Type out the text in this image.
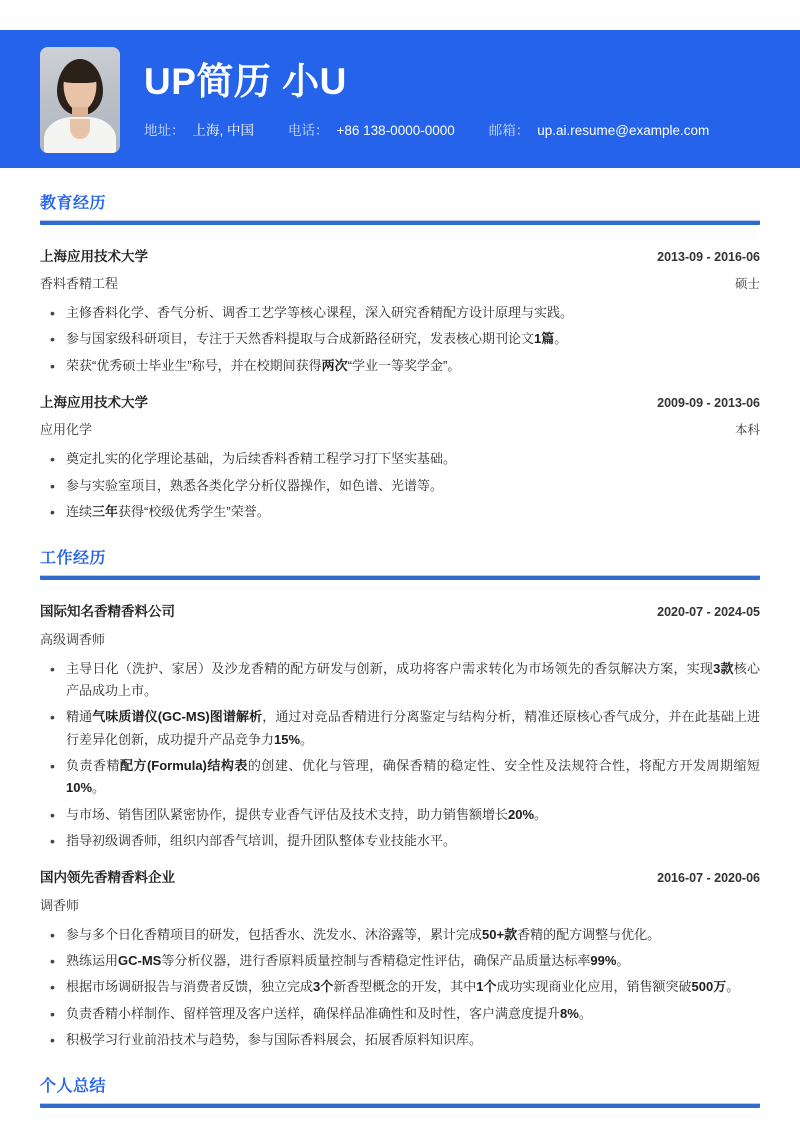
UP简历 小U
地址： 上海, 中国	电话： +86 138-0000-0000	邮箱： up.ai.resume@example.com
教育经历
上海应用技术大学	2013-09 - 2016-06
香料香精工程	硕士
• 主修香料化学、香气分析、调香工艺学等核心课程，深入研究香精配方设计原理与实践。
• 参与国家级科研项目，专注于天然香料提取与合成新路径研究，发表核心期刊论文1篇。
• 荣获“优秀硕士毕业生”称号，并在校期间获得两次“学业一等奖学金”。
上海应用技术大学	2009-09 - 2013-06
应用化学	本科
• 奠定扎实的化学理论基础，为后续香料香精工程学习打下坚实基础。
• 参与实验室项目，熟悉各类化学分析仪器操作，如色谱、光谱等。
• 连续三年获得“校级优秀学生”荣誉。
工作经历
国际知名香精香料公司	2020-07 - 2024-05
高级调香师
• 主导日化（洗护、家居）及沙龙香精的配方研发与创新，成功将客户需求转化为市场领先的香氛解决方案，实现3款核心产品成功上市。
• 精通气味质谱仪(GC-MS)图谱解析，通过对竞品香精进行分离鉴定与结构分析，精准还原核心香气成分，并在此基础上进行差异化创新，成功提升产品竞争力15%。
• 负责香精配方(Formula)结构表的创建、优化与管理，确保香精的稳定性、安全性及法规符合性，将配方开发周期缩短10%。
• 与市场、销售团队紧密协作，提供专业香气评估及技术支持，助力销售额增长20%。
• 指导初级调香师，组织内部香气培训，提升团队整体专业技能水平。
国内领先香精香料企业	2016-07 - 2020-06
调香师
• 参与多个日化香精项目的研发，包括香水、洗发水、沐浴露等，累计完成50+款香精的配方调整与优化。
• 熟练运用GC-MS等分析仪器，进行香原料质量控制与香精稳定性评估，确保产品质量达标率99%。
• 根据市场调研报告与消费者反馈，独立完成3个新香型概念的开发，其中1个成功实现商业化应用，销售额突破500万。
• 负责香精小样制作、留样管理及客户送样，确保样品准确性和及时性，客户满意度提升8%。
• 积极学习行业前沿技术与趋势，参与国际香料展会，拓展香原料知识库。
个人总结
